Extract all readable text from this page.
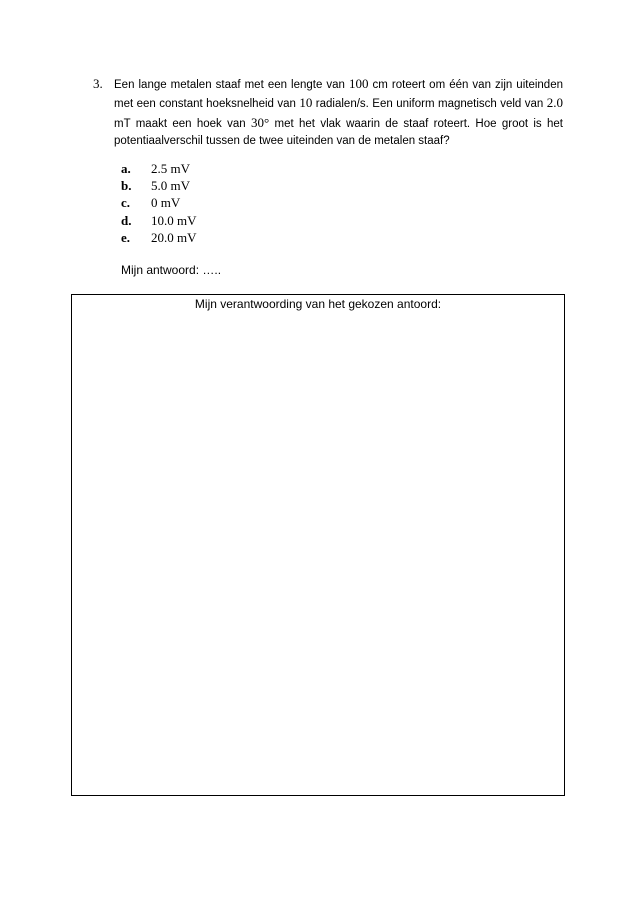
3. Een lange metalen staaf met een lengte van 100 cm roteert om één van zijn uiteinden met een constant hoeksnelheid van 10 radialen/s. Een uniform magnetisch veld van 2.0 mT maakt een hoek van 30° met het vlak waarin de staaf roteert. Hoe groot is het potentiaalverschil tussen de twee uiteinden van de metalen staaf?
a.	2.5 mV
b.	5.0 mV
c.	0 mV
d.	10.0 mV
e.	20.0 mV
Mijn antwoord: …..
Mijn verantwoording van het gekozen antoord:
